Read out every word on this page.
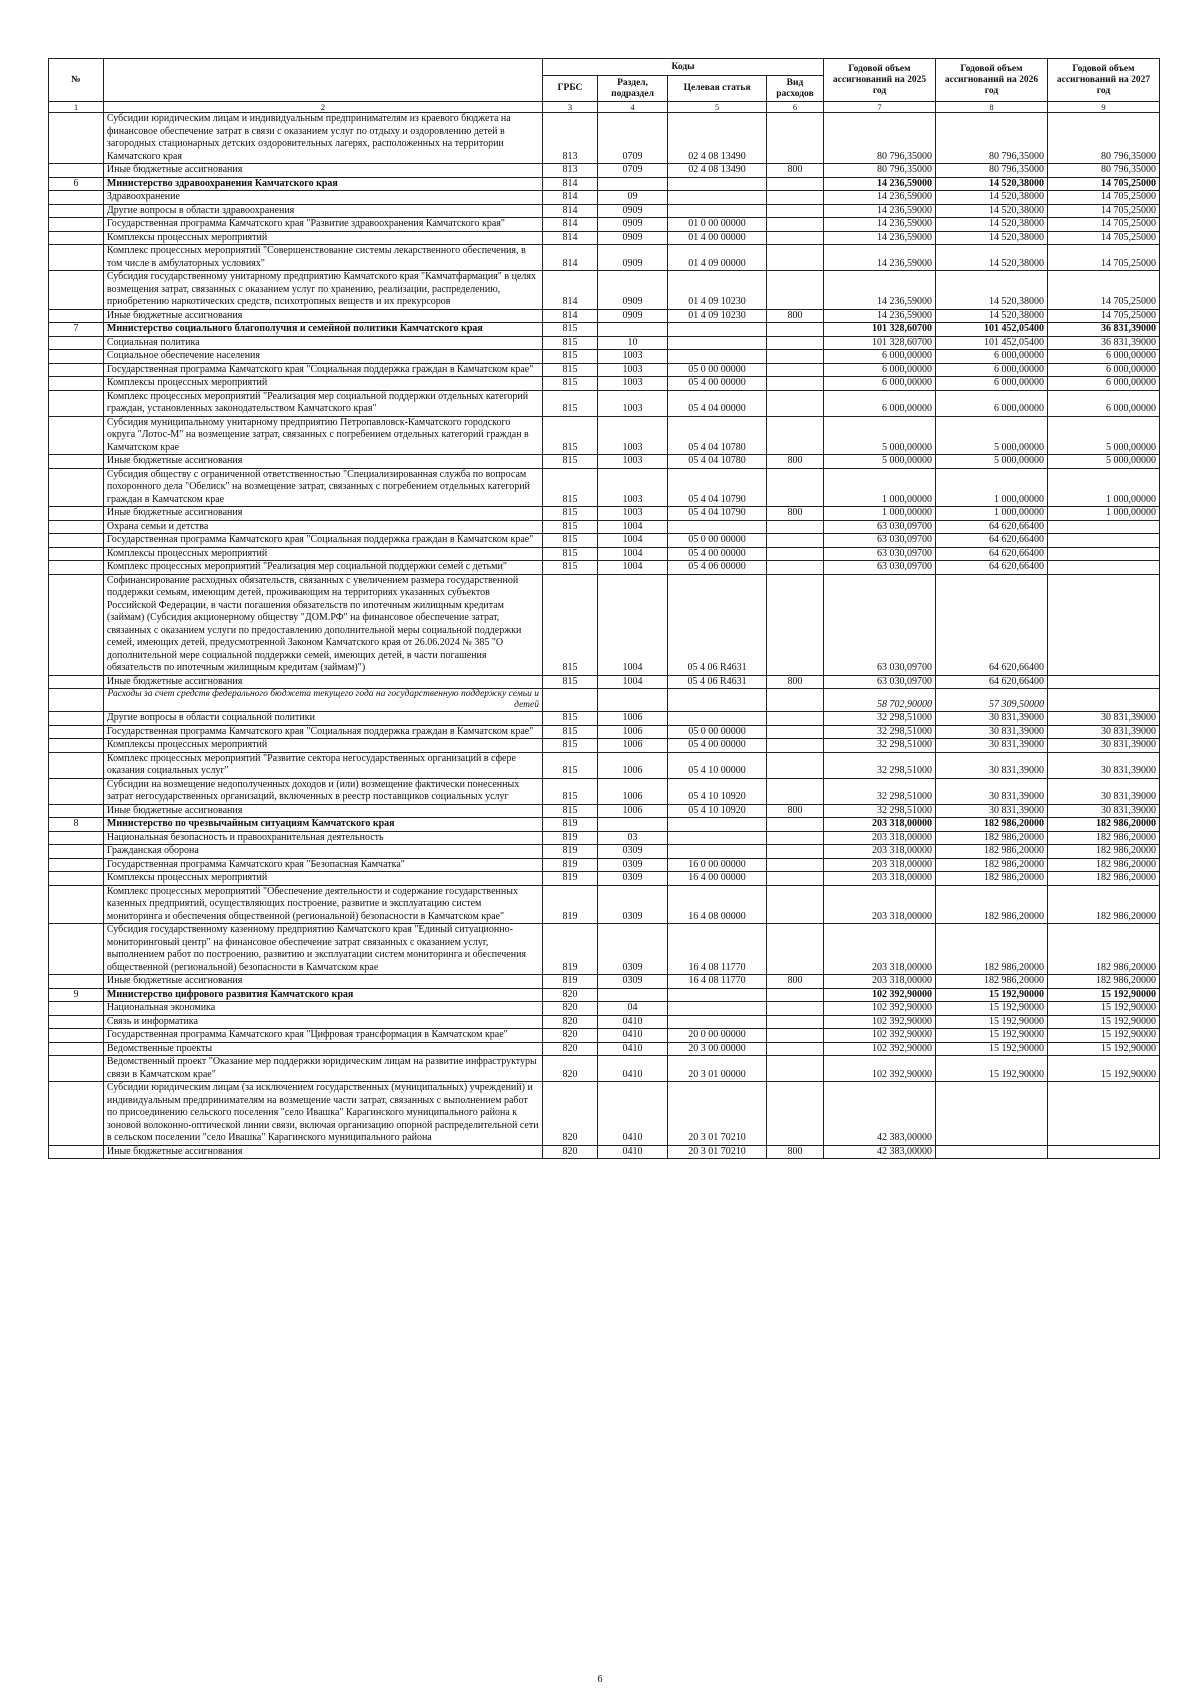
№		Коды				Годовой объем ассигнований на 2025 год	Годовой объем ассигнований на 2026 год	Годовой объем ассигнований на 2027 год
		ГРБС	Раздел, подраздел	Целевая статья	Вид расходов			
1	2	3	4	5	6	7	8	9
	Субсидии юридическим лицам и индивидуальным предпринимателям из краевого бюджета на финансовое обеспечение затрат в связи с оказанием услуг по отдыху и оздоровлению детей в загородных стационарных детских оздоровительных лагерях, расположенных на территории Камчатского края	813	0709	02 4 08 13490		80 796,35000	80 796,35000	80 796,35000
	Иные бюджетные ассигнования	813	0709	02 4 08 13490	800	80 796,35000	80 796,35000	80 796,35000
6	Министерство здравоохранения Камчатского края	814				14 236,59000	14 520,38000	14 705,25000
	Здравоохранение	814	09			14 236,59000	14 520,38000	14 705,25000
	Другие вопросы в области здравоохранения	814	0909			14 236,59000	14 520,38000	14 705,25000
	Государственная программа Камчатского края "Развитие здравоохранения Камчатского края"	814	0909	01 0 00 00000		14 236,59000	14 520,38000	14 705,25000
	Комплексы процессных мероприятий	814	0909	01 4 00 00000		14 236,59000	14 520,38000	14 705,25000
	Комплекс процессных мероприятий "Совершенствование системы лекарственного обеспечения, в том числе в амбулаторных условиях"	814	0909	01 4 09 00000		14 236,59000	14 520,38000	14 705,25000
	Субсидия государственному унитарному предприятию Камчатского края "Камчатфармация" в целях возмещения затрат, связанных с оказанием услуг по хранению, реализации, распределению, приобретению наркотических средств, психотропных веществ и их прекурсоров	814	0909	01 4 09 10230		14 236,59000	14 520,38000	14 705,25000
	Иные бюджетные ассигнования	814	0909	01 4 09 10230	800	14 236,59000	14 520,38000	14 705,25000
7	Министерство социального благополучия и семейной политики Камчатского края	815				101 328,60700	101 452,05400	36 831,39000
	Социальная политика	815	10			101 328,60700	101 452,05400	36 831,39000
	Социальное обеспечение населения	815	1003			6 000,00000	6 000,00000	6 000,00000
	Государственная программа Камчатского края "Социальная поддержка граждан в Камчатском крае"	815	1003	05 0 00 00000		6 000,00000	6 000,00000	6 000,00000
	Комплексы процессных мероприятий	815	1003	05 4 00 00000		6 000,00000	6 000,00000	6 000,00000
	Комплекс процессных мероприятий "Реализация мер социальной поддержки отдельных категорий граждан, установленных законодательством Камчатского края"	815	1003	05 4 04 00000		6 000,00000	6 000,00000	6 000,00000
	Субсидия муниципальному унитарному предприятию Петропавловск-Камчатского городского округа "Лотос-М" на возмещение затрат, связанных с погребением отдельных категорий граждан в Камчатском крае	815	1003	05 4 04 10780		5 000,00000	5 000,00000	5 000,00000
	Иные бюджетные ассигнования	815	1003	05 4 04 10780	800	5 000,00000	5 000,00000	5 000,00000
	Субсидия обществу с ограниченной ответственностью "Специализированная служба по вопросам похоронного дела "Обелиск" на возмещение затрат, связанных с погребением отдельных категорий граждан в Камчатском крае	815	1003	05 4 04 10790		1 000,00000	1 000,00000	1 000,00000
	Иные бюджетные ассигнования	815	1003	05 4 04 10790	800	1 000,00000	1 000,00000	1 000,00000
	Охрана семьи и детства	815	1004			63 030,09700	64 620,66400	
	Государственная программа Камчатского края "Социальная поддержка граждан в Камчатском крае"	815	1004	05 0 00 00000		63 030,09700	64 620,66400	
	Комплексы процессных мероприятий	815	1004	05 4 00 00000		63 030,09700	64 620,66400	
	Комплекс процессных мероприятий "Реализация мер социальной поддержки семей с детьми"	815	1004	05 4 06 00000		63 030,09700	64 620,66400	
	Софинансирование расходных обязательств, связанных с увеличением размера государственной поддержки семьям, имеющим детей, проживающим на территориях указанных субъектов Российской Федерации, в части погашения обязательств по ипотечным жилищным кредитам (займам) (Субсидия акционерному обществу "ДОМ.РФ" на финансовое обеспечение затрат, связанных с оказанием услуги по предоставлению дополнительной меры социальной поддержки семей, имеющих детей, предусмотренной Законом Камчатского края от 26.06.2024 № 385 "О дополнительной мере социальной поддержки семей, имеющих детей, в части погашения обязательств по ипотечным жилищным кредитам (займам)")	815	1004	05 4 06 R4631		63 030,09700	64 620,66400	
	Иные бюджетные ассигнования	815	1004	05 4 06 R4631	800	63 030,09700	64 620,66400	
	Расходы за счет средств федерального бюджета текущего года на государственную поддержку семьи и детей					58 702,90000	57 309,50000	
	Другие вопросы в области социальной политики	815	1006			32 298,51000	30 831,39000	30 831,39000
	Государственная программа Камчатского края "Социальная поддержка граждан в Камчатском крае"	815	1006	05 0 00 00000		32 298,51000	30 831,39000	30 831,39000
	Комплексы процессных мероприятий	815	1006	05 4 00 00000		32 298,51000	30 831,39000	30 831,39000
	Комплекс процессных мероприятий "Развитие сектора негосударственных организаций в сфере оказания социальных услуг"	815	1006	05 4 10 00000		32 298,51000	30 831,39000	30 831,39000
	Субсидии на возмещение недополученных доходов и (или) возмещение фактически понесенных затрат негосударственных организаций, включенных в реестр поставщиков социальных услуг	815	1006	05 4 10 10920		32 298,51000	30 831,39000	30 831,39000
	Иные бюджетные ассигнования	815	1006	05 4 10 10920	800	32 298,51000	30 831,39000	30 831,39000
8	Министерство по чрезвычайным ситуациям Камчатского края	819				203 318,00000	182 986,20000	182 986,20000
	Национальная безопасность и правоохранительная деятельность	819	03			203 318,00000	182 986,20000	182 986,20000
	Гражданская оборона	819	0309			203 318,00000	182 986,20000	182 986,20000
	Государственная программа Камчатского края "Безопасная Камчатка"	819	0309	16 0 00 00000		203 318,00000	182 986,20000	182 986,20000
	Комплексы процессных мероприятий	819	0309	16 4 00 00000		203 318,00000	182 986,20000	182 986,20000
	Комплекс процессных мероприятий "Обеспечение деятельности и содержание государственных казенных предприятий, осуществляющих построение, развитие и эксплуатацию систем мониторинга и обеспечения общественной (региональной) безопасности в Камчатском крае"	819	0309	16 4 08 00000		203 318,00000	182 986,20000	182 986,20000
	Субсидия государственному казенному предприятию Камчатского края "Единый ситуационно-мониторинговый центр" на финансовое обеспечение затрат связанных с оказанием услуг, выполнением работ по построению, развитию и эксплуатации систем мониторинга и обеспечения общественной (региональной) безопасности в Камчатском крае	819	0309	16 4 08 11770		203 318,00000	182 986,20000	182 986,20000
	Иные бюджетные ассигнования	819	0309	16 4 08 11770	800	203 318,00000	182 986,20000	182 986,20000
9	Министерство цифрового развития Камчатского края	820				102 392,90000	15 192,90000	15 192,90000
	Национальная экономика	820	04			102 392,90000	15 192,90000	15 192,90000
	Связь и информатика	820	0410			102 392,90000	15 192,90000	15 192,90000
	Государственная программа Камчатского края "Цифровая трансформация в Камчатском крае"	820	0410	20 0 00 00000		102 392,90000	15 192,90000	15 192,90000
	Ведомственные проекты	820	0410	20 3 00 00000		102 392,90000	15 192,90000	15 192,90000
	Ведомственный проект "Оказание мер поддержки юридическим лицам на развитие инфраструктуры связи в Камчатском крае"	820	0410	20 3 01 00000		102 392,90000	15 192,90000	15 192,90000
	Субсидии юридическим лицам (за исключением государственных (муниципальных) учреждений) и индивидуальным предпринимателям на возмещение части затрат, связанных с выполнением работ по присоединению сельского поселения "село Ивашка" Карагинского муниципального района к зоновой волоконно-оптической линии связи, включая организацию опорной распределительной сети в сельском поселении "село Ивашка" Карагинского муниципального района	820	0410	20 3 01 70210		42 383,00000		
	Иные бюджетные ассигнования	820	0410	20 3 01 70210	800	42 383,00000		
6
